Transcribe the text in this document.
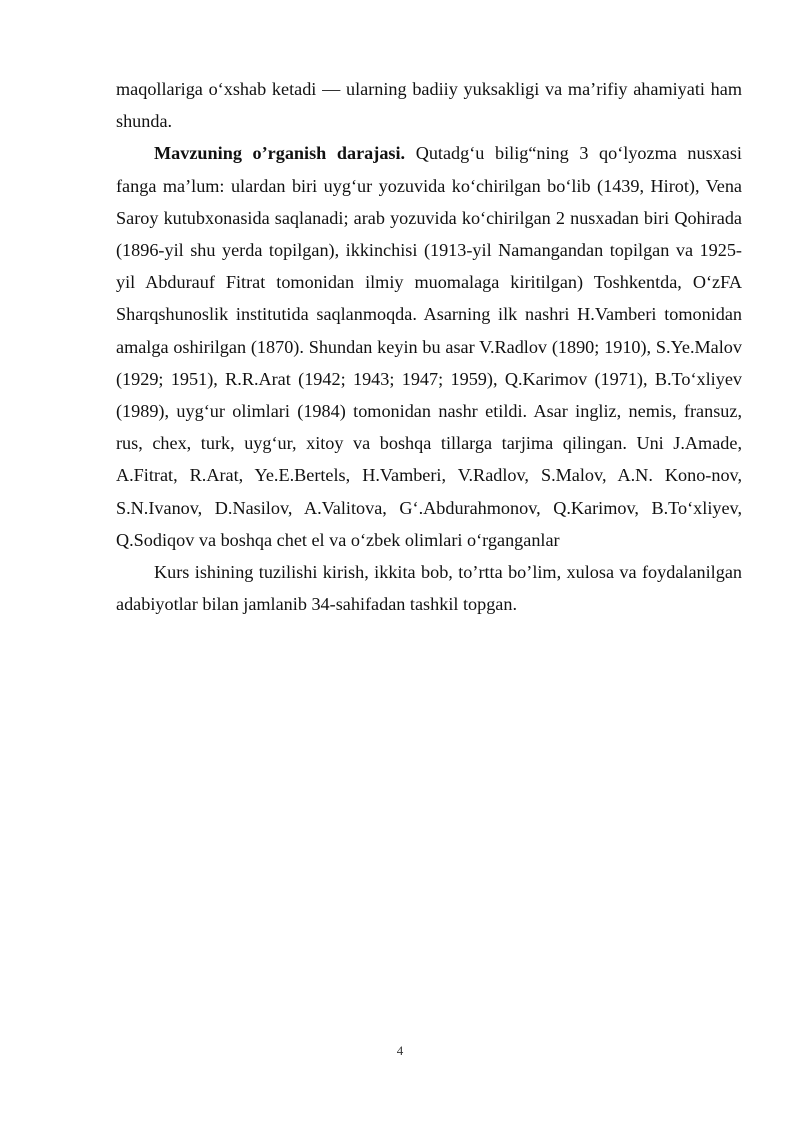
maqollariga o‘xshab ketadi — ularning badiiy yuksakligi va ma’rifiy ahamiyati ham shunda.

Mavzuning o’rganish darajasi. Qutadg‘u bilig“ning 3 qo‘lyozma nusxasi fanga ma’lum: ulardan biri uyg‘ur yozuvida ko‘chirilgan bo‘lib (1439, Hirot), Vena Saroy kutubxonasida saqlanadi; arab yozuvida ko‘chirilgan 2 nusxadan biri Qohirada (1896-yil shu yerda topilgan), ikkinchisi (1913-yil Namangandan topilgan va 1925-yil Abdurauf Fitrat tomonidan ilmiy muomalaga kiritilgan) Toshkentda, O‘zFA Sharqshunoslik institutida saqlanmoqda. Asarning ilk nashri H.Vamberi tomonidan amalga oshirilgan (1870). Shundan keyin bu asar V.Radlov (1890; 1910), S.Ye.Malov (1929; 1951), R.R.Arat (1942; 1943; 1947; 1959), Q.Karimov (1971), B.To‘xliyev (1989), uyg‘ur olimlari (1984) tomonidan nashr etildi. Asar ingliz, nemis, fransuz, rus, chex, turk, uyg‘ur, xitoy va boshqa tillarga tarjima qilingan. Uni J.Amade, A.Fitrat, R.Arat, Ye.E.Bertels, H.Vamberi, V.Radlov, S.Malov, A.N. Kono-nov, S.N.Ivanov, D.Nasilov, A.Valitova, G‘.Abdurahmonov, Q.Karimov, B.To‘xliyev, Q.Sodiqov va boshqa chet el va o‘zbek olimlari o‘rganganlar

Kurs ishining tuzilishi kirish, ikkita bob, to’rtta bo’lim, xulosa va foydalanilgan adabiyotlar bilan jamlanib 34-sahifadan tashkil topgan.

4
